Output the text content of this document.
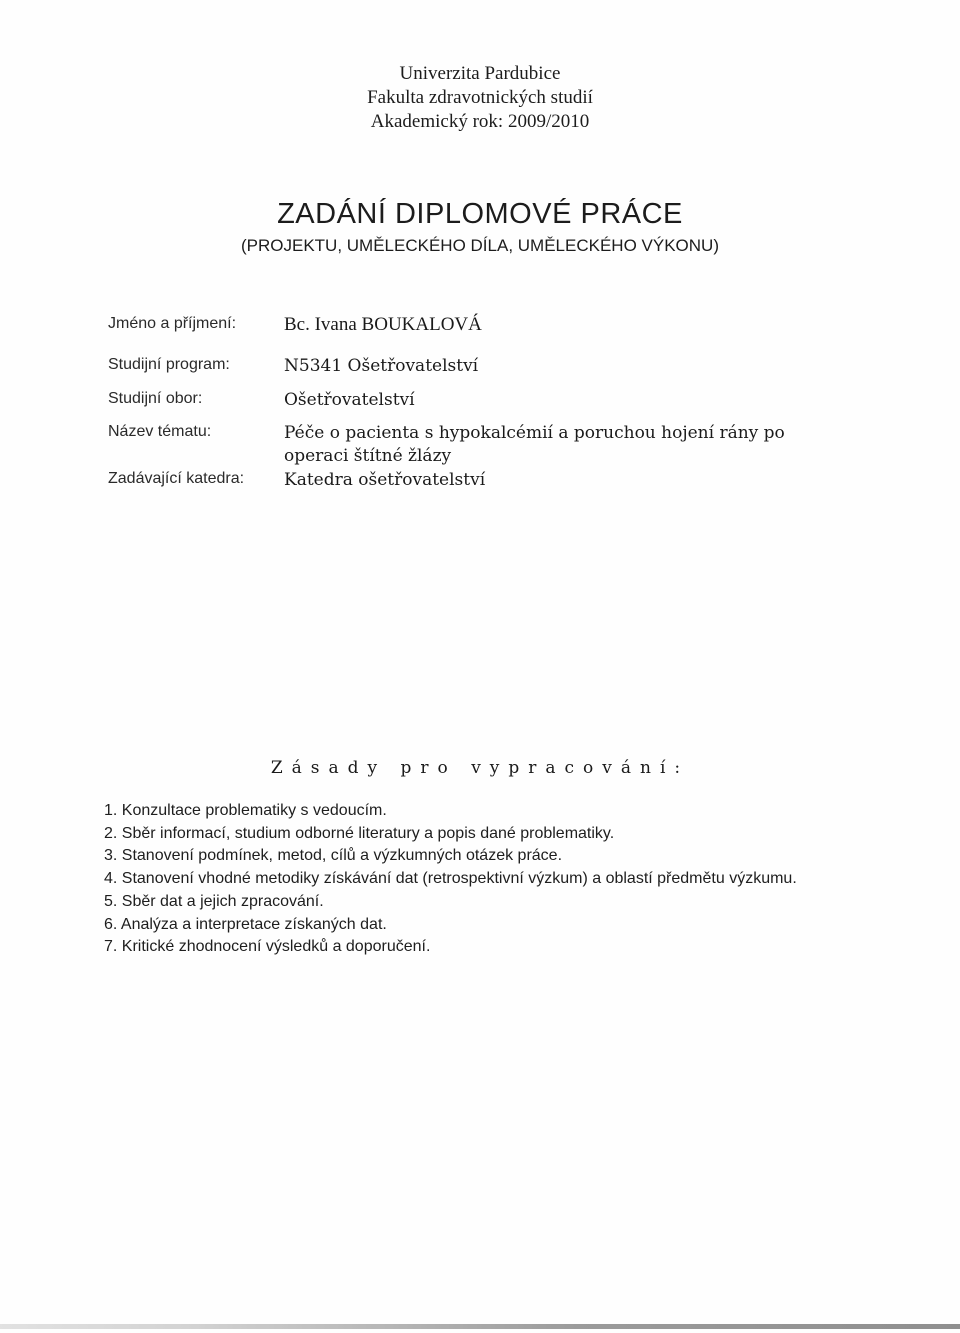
Univerzita Pardubice
Fakulta zdravotnických studií
Akademický rok: 2009/2010
ZADÁNÍ DIPLOMOVÉ PRÁCE
(PROJEKTU, UMĚLECKÉHO DÍLA, UMĚLECKÉHO VÝKONU)
Jméno a příjmení:	Bc. Ivana BOUKALOVÁ
Studijní program:	N5341 Ošetřovatelství
Studijní obor:	Ošetřovatelství
Název tématu:	Péče o pacienta s hypokalcémií a poruchou hojení rány po operaci štítné žlázy
Zadávající katedra: Katedra ošetřovatelství
Zásady pro vypracování:
1. Konzultace problematiky s vedoucím.
2. Sběr informací, studium odborné literatury a popis dané problematiky.
3. Stanovení podmínek, metod, cílů a výzkumných otázek práce.
4. Stanovení vhodné metodiky získávání dat (retrospektivní výzkum) a oblastí předmětu výzkumu.
5. Sběr dat a jejich zpracování.
6. Analýza a interpretace získaných dat.
7. Kritické zhodnocení výsledků a doporučení.
